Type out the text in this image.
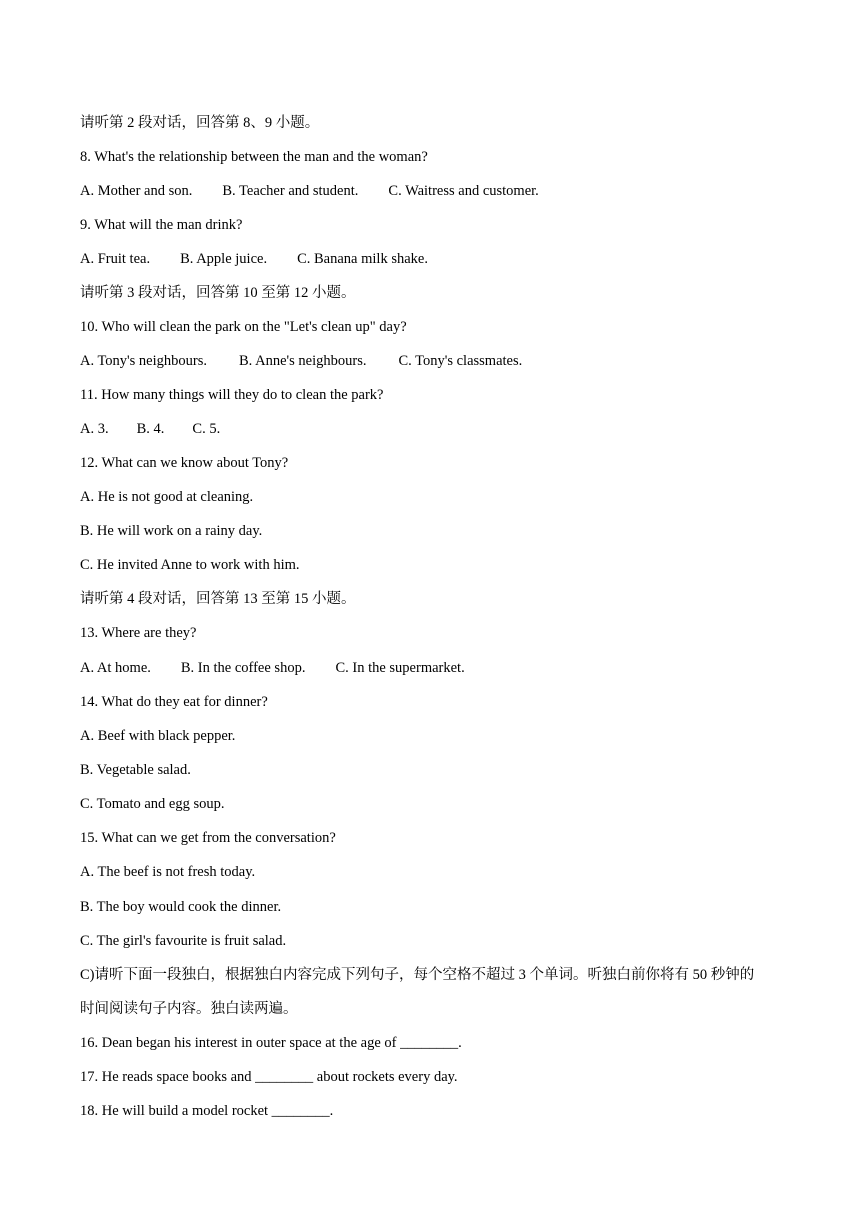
请听第 2 段对话，回答第 8、9 小题。
8. What's the relationship between the man and the woman?
A. Mother and son. B. Teacher and student. C. Waitress and customer.
9. What will the man drink?
A. Fruit tea. B. Apple juice. C. Banana milk shake.
请听第 3 段对话，回答第 10 至第 12 小题。
10. Who will clean the park on the "Let's clean up" day?
A. Tony's neighbours. B. Anne's neighbours. C. Tony's classmates.
11. How many things will they do to clean the park?
A. 3. B. 4. C. 5.
12. What can we know about Tony?
A. He is not good at cleaning.
B. He will work on a rainy day.
C. He invited Anne to work with him.
请听第 4 段对话，回答第 13 至第 15 小题。
13. Where are they?
A. At home. B. In the coffee shop. C. In the supermarket.
14. What do they eat for dinner?
A. Beef with black pepper.
B. Vegetable salad.
C. Tomato and egg soup.
15. What can we get from the conversation?
A. The beef is not fresh today.
B. The boy would cook the dinner.
C. The girl's favourite is fruit salad.
C)请听下面一段独白，根据独白内容完成下列句子，每个空格不超过 3 个单词。听独白前你将有 50 秒钟的
时间阅读句子内容。独白读两遍。
16. Dean began his interest in outer space at the age of ________.
17. He reads space books and ________ about rockets every day.
18. He will build a model rocket ________.
